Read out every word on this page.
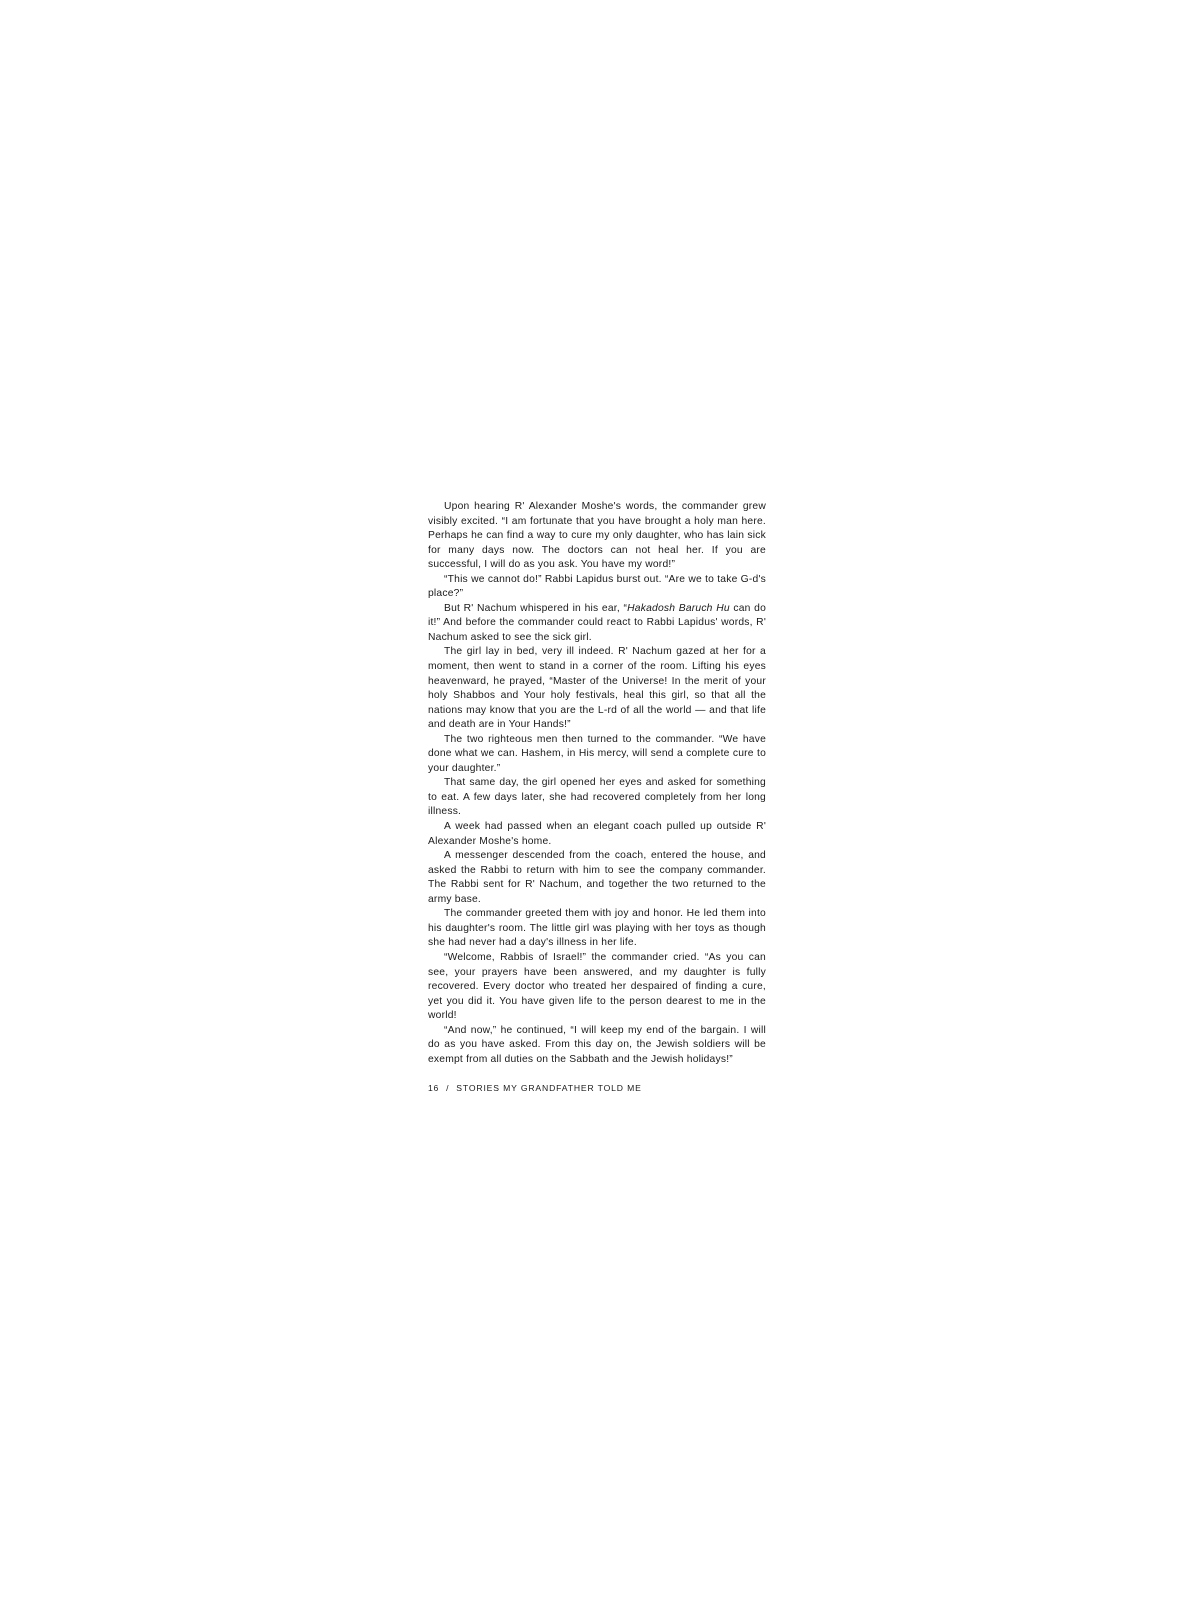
Upon hearing R' Alexander Moshe's words, the commander grew visibly excited. “I am fortunate that you have brought a holy man here. Perhaps he can find a way to cure my only daughter, who has lain sick for many days now. The doctors can not heal her. If you are successful, I will do as you ask. You have my word!”

“This we cannot do!” Rabbi Lapidus burst out. “Are we to take G-d's place?”

But R' Nachum whispered in his ear, “Hakadosh Baruch Hu can do it!” And before the commander could react to Rabbi Lapidus' words, R' Nachum asked to see the sick girl.

The girl lay in bed, very ill indeed. R' Nachum gazed at her for a moment, then went to stand in a corner of the room. Lifting his eyes heavenward, he prayed, “Master of the Universe! In the merit of your holy Shabbos and Your holy festivals, heal this girl, so that all the nations may know that you are the L-rd of all the world — and that life and death are in Your Hands!”

The two righteous men then turned to the commander. “We have done what we can. Hashem, in His mercy, will send a complete cure to your daughter.”

That same day, the girl opened her eyes and asked for something to eat. A few days later, she had recovered completely from her long illness.

A week had passed when an elegant coach pulled up outside R' Alexander Moshe's home.

A messenger descended from the coach, entered the house, and asked the Rabbi to return with him to see the company commander. The Rabbi sent for R' Nachum, and together the two returned to the army base.

The commander greeted them with joy and honor. He led them into his daughter's room. The little girl was playing with her toys as though she had never had a day's illness in her life.

“Welcome, Rabbis of Israel!” the commander cried. “As you can see, your prayers have been answered, and my daughter is fully recovered. Every doctor who treated her despaired of finding a cure, yet you did it. You have given life to the person dearest to me in the world!

“And now,” he continued, “I will keep my end of the bargain. I will do as you have asked. From this day on, the Jewish soldiers will be exempt from all duties on the Sabbath and the Jewish holidays!”

16 / STORIES MY GRANDFATHER TOLD ME
